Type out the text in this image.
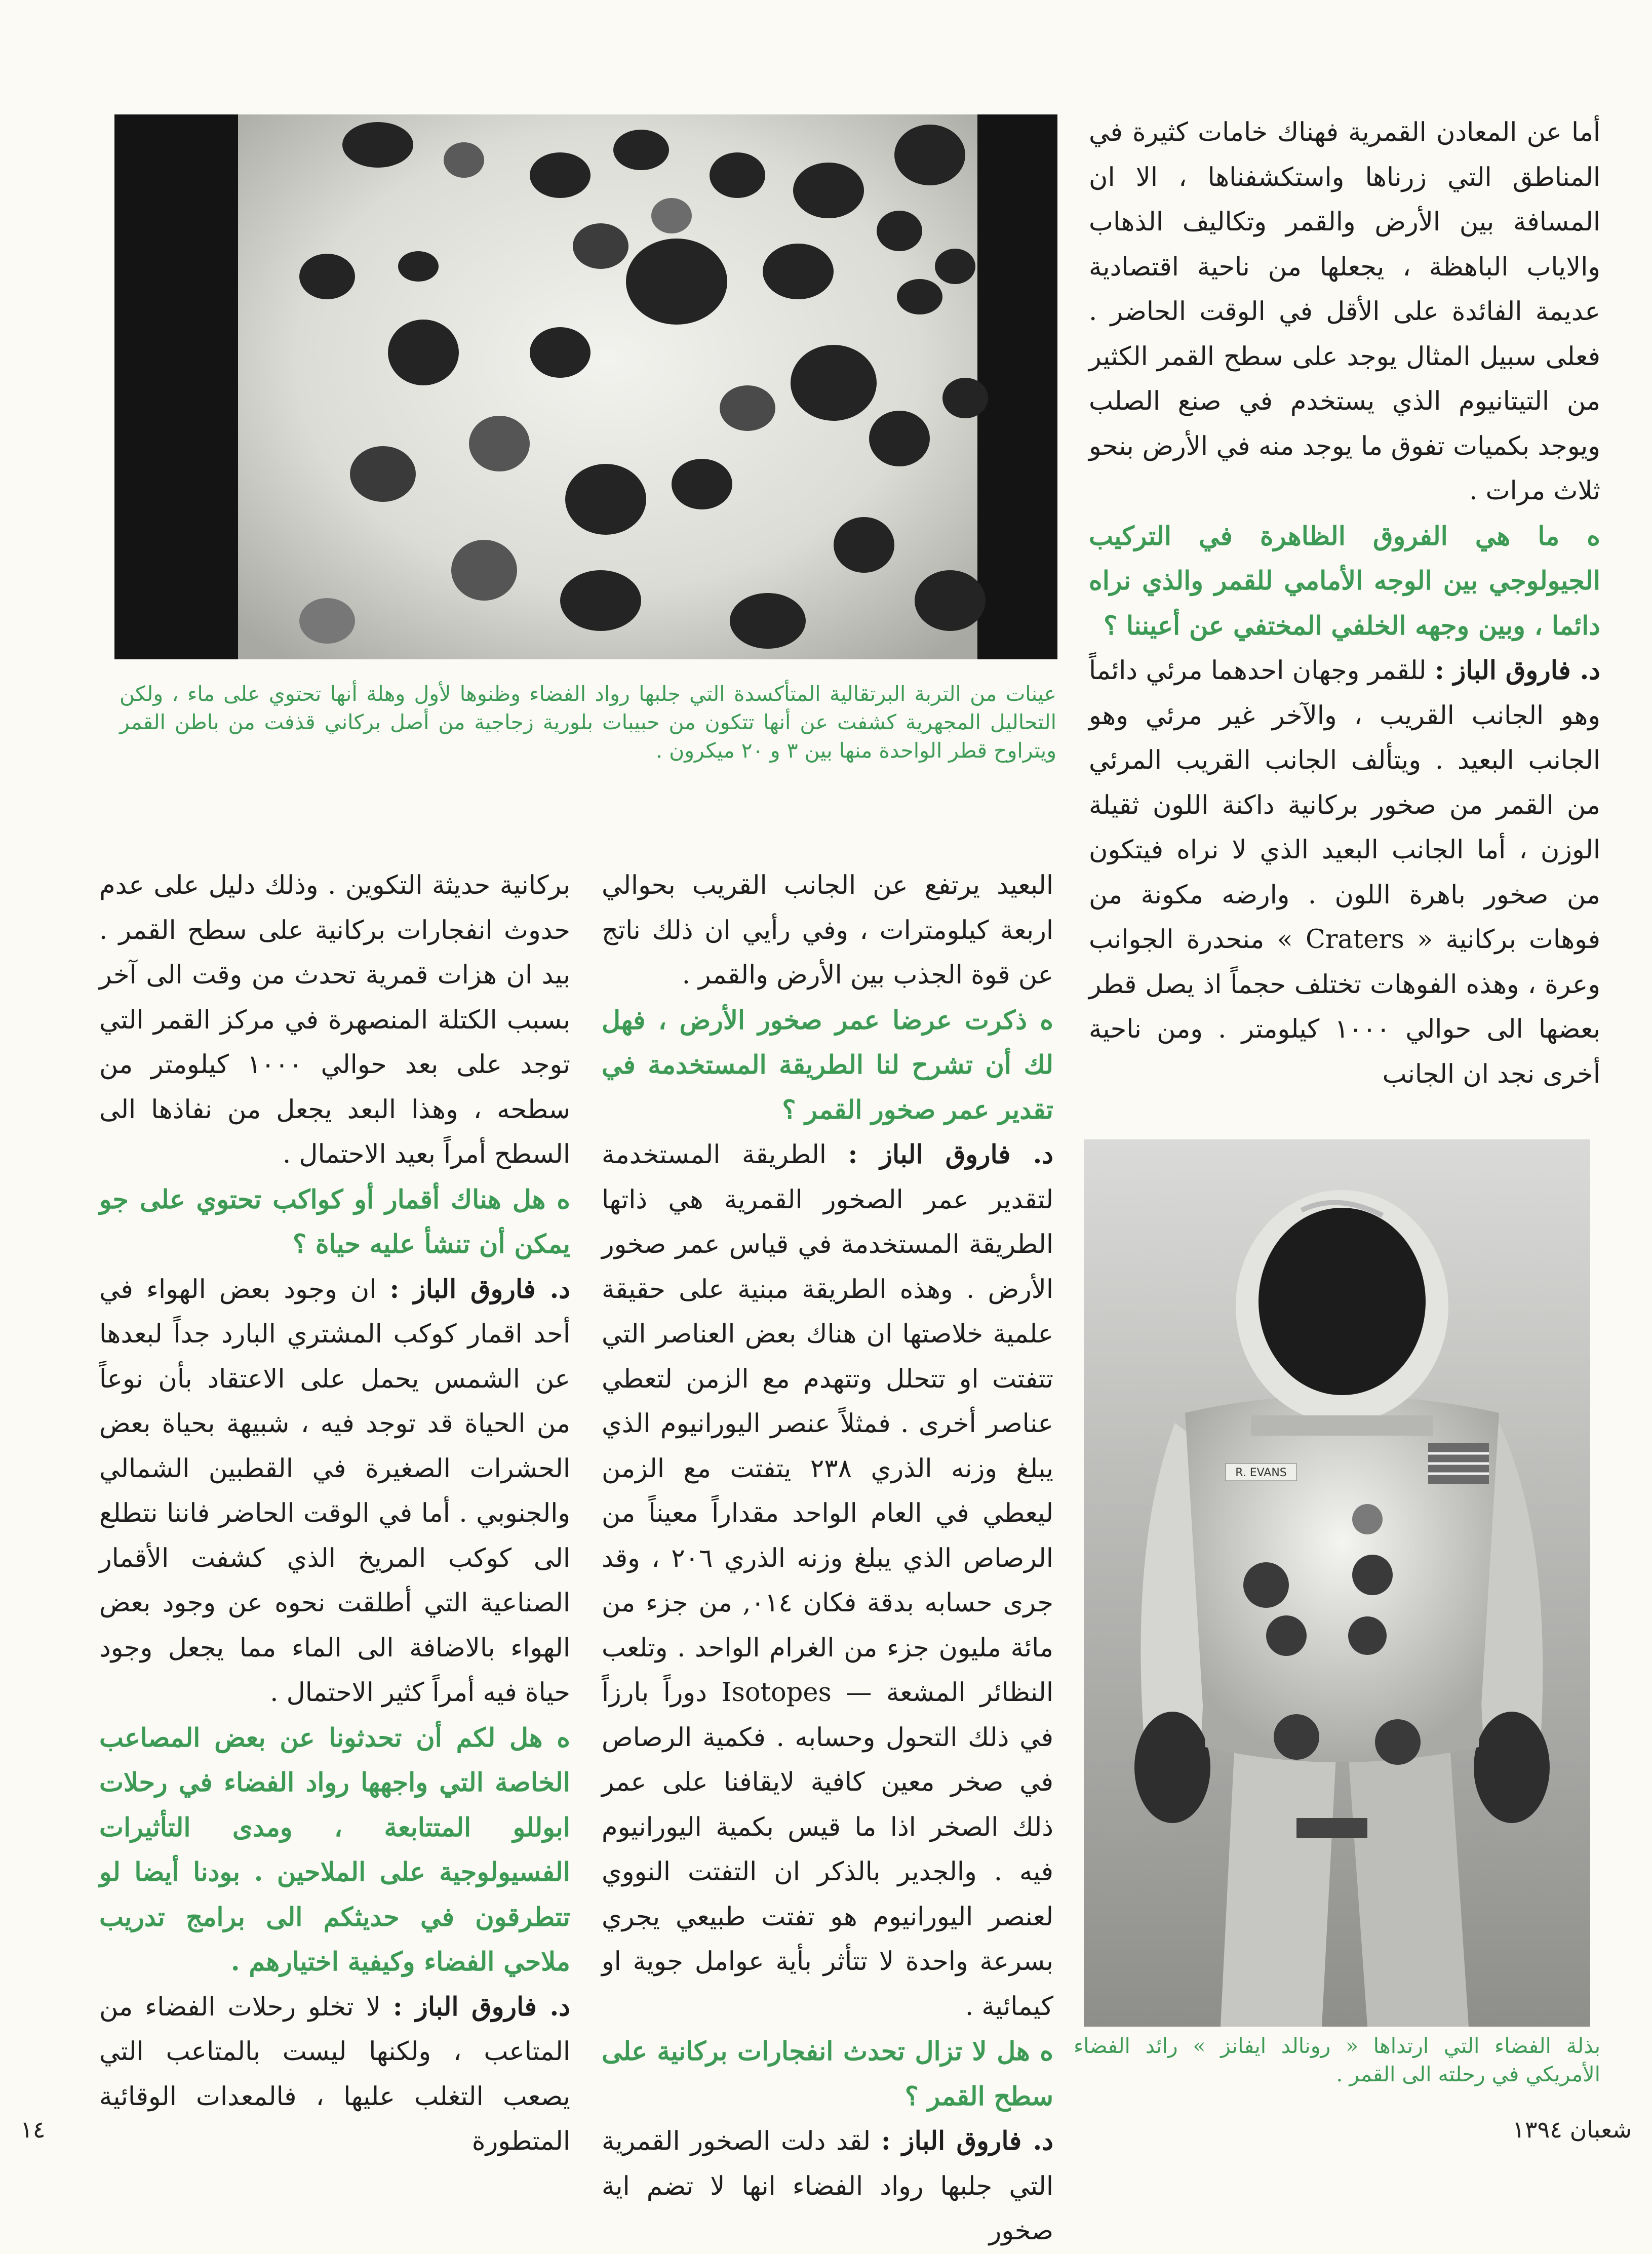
عينات من التربة البرتقالية المتأكسدة التي جلبها رواد الفضاء وظنوها لأول وهلة أنها تحتوي على ماء ، ولكن التحاليل المجهرية كشفت عن أنها تتكون من حبيبات بلورية زجاجية من أصل بركاني قذفت من باطن القمر ويتراوح قطر الواحدة منها بين ٣ و ٢٠ ميكرون .
R. EVANS
بذلة الفضاء التي ارتداها « رونالد ايفانز » رائد الفضاء الأمريكي في رحلته الى القمر .

أما عن المعادن القمرية فهناك خامات كثيرة في المناطق التي زرناها واستكشفناها ، الا ان المسافة بين الأرض والقمر وتكاليف الذهاب والاياب الباهظة ، يجعلها من ناحية اقتصادية عديمة الفائدة على الأقل في الوقت الحاضر . فعلى سبيل المثال يوجد على سطح القمر الكثير من التيتانيوم الذي يستخدم في صنع الصلب ويوجد بكميات تفوق ما يوجد منه في الأرض بنحو ثلاث مرات .

ه ما هي الفروق الظاهرة في التركيب الجيولوجي بين الوجه الأمامي للقمر والذي نراه دائما ، وبين وجهه الخلفي المختفي عن أعيننا ؟

د. فاروق الباز : للقمر وجهان احدهما مرئي دائماً وهو الجانب القريب ، والآخر غير مرئي وهو الجانب البعيد . ويتألف الجانب القريب المرئي من القمر من صخور بركانية داكنة اللون ثقيلة الوزن ، أما الجانب البعيد الذي لا نراه فيتكون من صخور باهرة اللون . وارضه مكونة من فوهات بركانية « Craters » منحدرة الجوانب وعرة ، وهذه الفوهات تختلف حجماً اذ يصل قطر بعضها الى حوالي ١٠٠٠ كيلومتر . ومن ناحية أخرى نجد ان الجانب

البعيد يرتفع عن الجانب القريب بحوالي اربعة كيلومترات ، وفي رأيي ان ذلك ناتج عن قوة الجذب بين الأرض والقمر .

ه ذكرت عرضا عمر صخور الأرض ، فهل لك أن تشرح لنا الطريقة المستخدمة في تقدير عمر صخور القمر ؟

د. فاروق الباز : الطريقة المستخدمة لتقدير عمر الصخور القمرية هي ذاتها الطريقة المستخدمة في قياس عمر صخور الأرض . وهذه الطريقة مبنية على حقيقة علمية خلاصتها ان هناك بعض العناصر التي تتفتت او تتحلل وتتهدم مع الزمن لتعطي عناصر أخرى . فمثلاً عنصر اليورانيوم الذي يبلغ وزنه الذري ٢٣٨ يتفتت مع الزمن ليعطي في العام الواحد مقداراً معيناً من الرصاص الذي يبلغ وزنه الذري ٢٠٦ ، وقد جرى حسابه بدقة فكان ٠١٤, من جزء من مائة مليون جزء من الغرام الواحد . وتلعب النظائر المشعة — Isotopes دوراً بارزاً في ذلك التحول وحسابه . فكمية الرصاص في صخر معين كافية لايقافنا على عمر ذلك الصخر اذا ما قيس بكمية اليورانيوم فيه . والجدير بالذكر ان التفتت النووي لعنصر اليورانيوم هو تفتت طبيعي يجري بسرعة واحدة لا تتأثر بأية عوامل جوية او كيمائية .

ه هل لا تزال تحدث انفجارات بركانية على سطح القمر ؟

د. فاروق الباز : لقد دلت الصخور القمرية التي جلبها رواد الفضاء انها لا تضم اية صخور

بركانية حديثة التكوين . وذلك دليل على عدم حدوث انفجارات بركانية على سطح القمر . بيد ان هزات قمرية تحدث من وقت الى آخر بسبب الكتلة المنصهرة في مركز القمر التي توجد على بعد حوالي ١٠٠٠ كيلومتر من سطحه ، وهذا البعد يجعل من نفاذها الى السطح أمراً بعيد الاحتمال .

ه هل هناك أقمار أو كواكب تحتوي على جو يمكن أن تنشأ عليه حياة ؟

د. فاروق الباز : ان وجود بعض الهواء في أحد اقمار كوكب المشتري البارد جداً لبعدها عن الشمس يحمل على الاعتقاد بأن نوعاً من الحياة قد توجد فيه ، شبيهة بحياة بعض الحشرات الصغيرة في القطبين الشمالي والجنوبي . أما في الوقت الحاضر فاننا نتطلع الى كوكب المريخ الذي كشفت الأقمار الصناعية التي أطلقت نحوه عن وجود بعض الهواء بالاضافة الى الماء مما يجعل وجود حياة فيه أمراً كثير الاحتمال .

ه هل لكم أن تحدثونا عن بعض المصاعب الخاصة التي واجهها رواد الفضاء في رحلات ابوللو المتتابعة ، ومدى التأثيرات الفسيولوجية على الملاحين . بودنا أيضا لو تتطرقون في حديثكم الى برامج تدريب ملاحي الفضاء وكيفية اختيارهم .

د. فاروق الباز : لا تخلو رحلات الفضاء من المتاعب ، ولكنها ليست بالمتاعب التي يصعب التغلب عليها ، فالمعدات الوقائية المتطورة

١٤	شعبان ١٣٩٤
